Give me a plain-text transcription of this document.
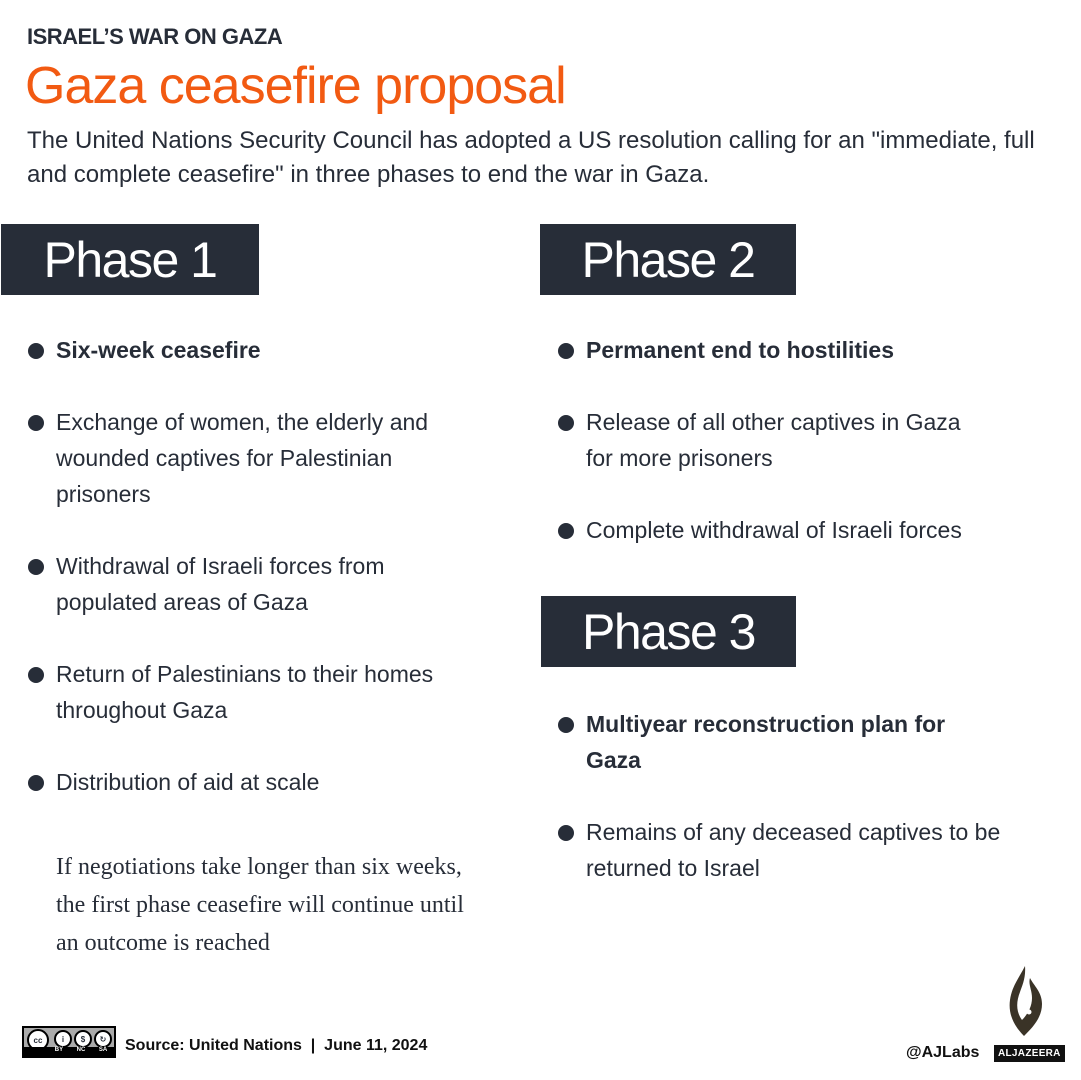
ISRAEL’S WAR ON GAZA
Gaza ceasefire proposal
The United Nations Security Council has adopted a US resolution calling for an "immediate, full and complete ceasefire" in three phases to end the war in Gaza.
Phase 1
Six-week ceasefire
Exchange of women, the elderly and wounded captives for Palestinian prisoners
Withdrawal of Israeli forces from populated areas of Gaza
Return of Palestinians to their homes throughout Gaza
Distribution of aid at scale
If negotiations take longer than six weeks, the first phase ceasefire will continue until an outcome is reached
Phase 2
Permanent end to hostilities
Release of all other captives in Gaza for more prisoners
Complete withdrawal of Israeli forces
Phase 3
Multiyear reconstruction plan for Gaza
Remains of any deceased captives to be returned to Israel
cc	i	$	↻
BY NC SA Source: United Nations  |  June 11, 2024	@AJLabs	ALJAZEERA
